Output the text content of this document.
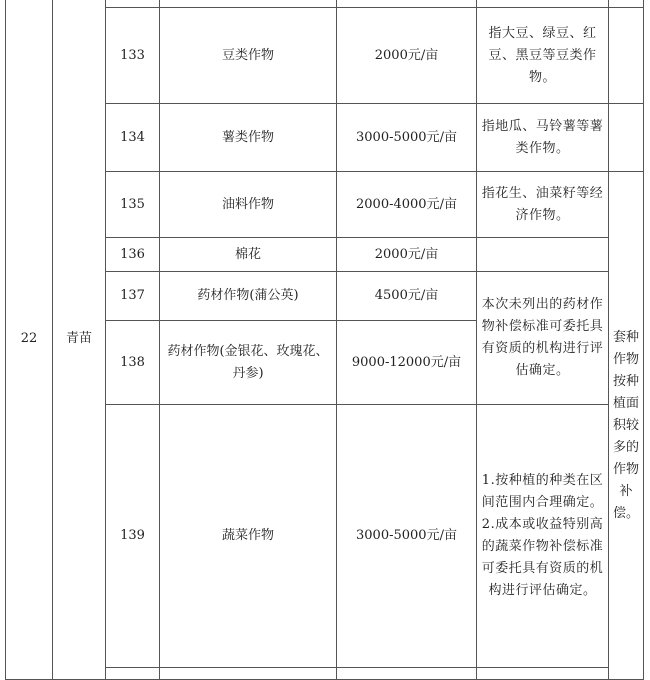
22	青苗						
		133	豆类作物	2000元/亩	指大豆、绿豆、红豆、黑豆等豆类作物。		
		134	薯类作物	3000-5000元/亩	指地瓜、马铃薯等薯类作物。		
		135	油料作物	2000-4000元/亩	指花生、油菜籽等经济作物。	套种作物按种植面积较多的作物补偿。	
		136	棉花	2000元/亩			
		137	药材作物(蒲公英)	4500元/亩	本次未列出的药材作物补偿标准可委托具有资质的机构进行评估确定。		
		138	药材作物(金银花、玫瑰花、丹参)	9000-12000元/亩			
		139	蔬菜作物	3000-5000元/亩	1.按种植的种类在区间范围内合理确定。

2.成本或收益特别高的蔬菜作物补偿标准可委托具有资质的机构进行评估确定。		
